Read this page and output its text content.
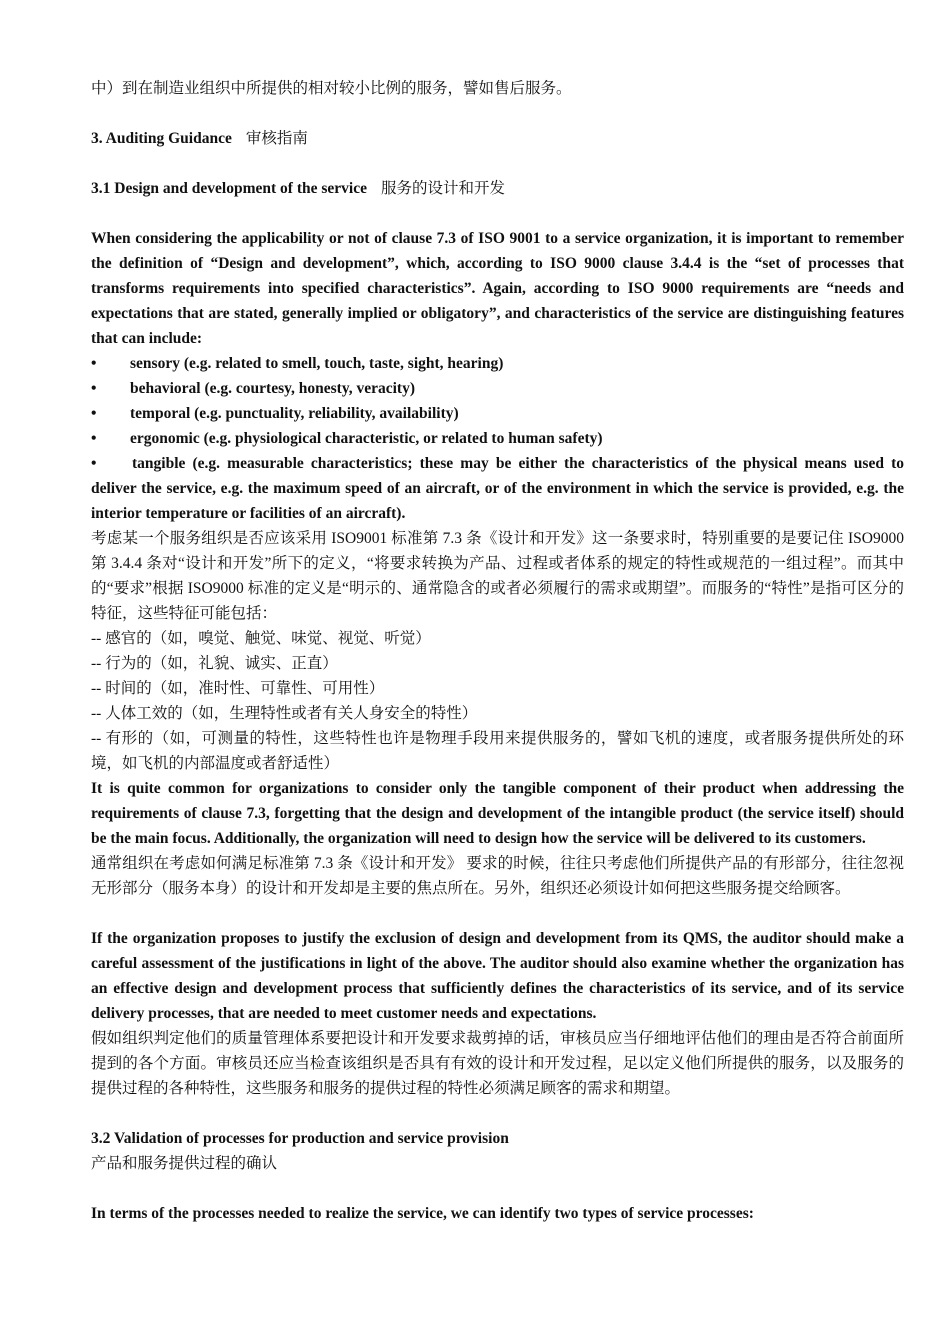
中）到在制造业组织中所提供的相对较小比例的服务，譬如售后服务。

3. Auditing Guidance 审核指南

3.1 Design and development of the service 服务的设计和开发

When considering the applicability or not of clause 7.3 of ISO 9001 to a service organization, it is important to remember the definition of “Design and development”, which, according to ISO 9000 clause 3.4.4 is the “set of processes that transforms requirements into specified characteristics”. Again, according to ISO 9000 requirements are “needs and expectations that are stated, generally implied or obligatory”, and characteristics of the service are distinguishing features that can include:

•	sensory (e.g. related to smell, touch, taste, sight, hearing)
•	behavioral (e.g. courtesy, honesty, veracity)
•	temporal (e.g. punctuality, reliability, availability)
•	ergonomic (e.g. physiological characteristic, or related to human safety)

• tangible (e.g. measurable characteristics; these may be either the characteristics of the physical means used to deliver the service, e.g. the maximum speed of an aircraft, or of the environment in which the service is provided, e.g. the interior temperature or facilities of an aircraft).

考虑某一个服务组织是否应该采用 ISO9001 标准第 7.3 条《设计和开发》这一条要求时，特别重要的是要记住 ISO9000 第 3.4.4 条对“设计和开发”所下的定义，“将要求转换为产品、过程或者体系的规定的特性或规范的一组过程”。而其中的“要求”根据 ISO9000 标准的定义是“明示的、通常隐含的或者必须履行的需求或期望”。而服务的“特性”是指可区分的特征，这些特征可能包括：

-- 感官的（如，嗅觉、触觉、味觉、视觉、听觉）

-- 行为的（如，礼貌、诚实、正直）

-- 时间的（如，准时性、可靠性、可用性）

-- 人体工效的（如，生理特性或者有关人身安全的特性）

-- 有形的（如，可测量的特性，这些特性也许是物理手段用来提供服务的，譬如飞机的速度，或者服务提供所处的环境，如飞机的内部温度或者舒适性）

It is quite common for organizations to consider only the tangible component of their product when addressing the requirements of clause 7.3, forgetting that the design and development of the intangible product (the service itself) should be the main focus. Additionally, the organization will need to design how the service will be delivered to its customers.

通常组织在考虑如何满足标准第 7.3 条《设计和开发》 要求的时候，往往只考虑他们所提供产品的有形部分，往往忽视无形部分（服务本身）的设计和开发却是主要的焦点所在。另外，组织还必须设计如何把这些服务提交给顾客。

If the organization proposes to justify the exclusion of design and development from its QMS, the auditor should make a careful assessment of the justifications in light of the above. The auditor should also examine whether the organization has an effective design and development process that sufficiently defines the characteristics of its service, and of its service delivery processes, that are needed to meet customer needs and expectations.

假如组织判定他们的质量管理体系要把设计和开发要求裁剪掉的话，审核员应当仔细地评估他们的理由是否符合前面所提到的各个方面。审核员还应当检查该组织是否具有有效的设计和开发过程，足以定义他们所提供的服务，以及服务的提供过程的各种特性，这些服务和服务的提供过程的特性必须满足顾客的需求和期望。

3.2 Validation of processes for production and service provision

产品和服务提供过程的确认

In terms of the processes needed to realize the service, we can identify two types of service processes:
